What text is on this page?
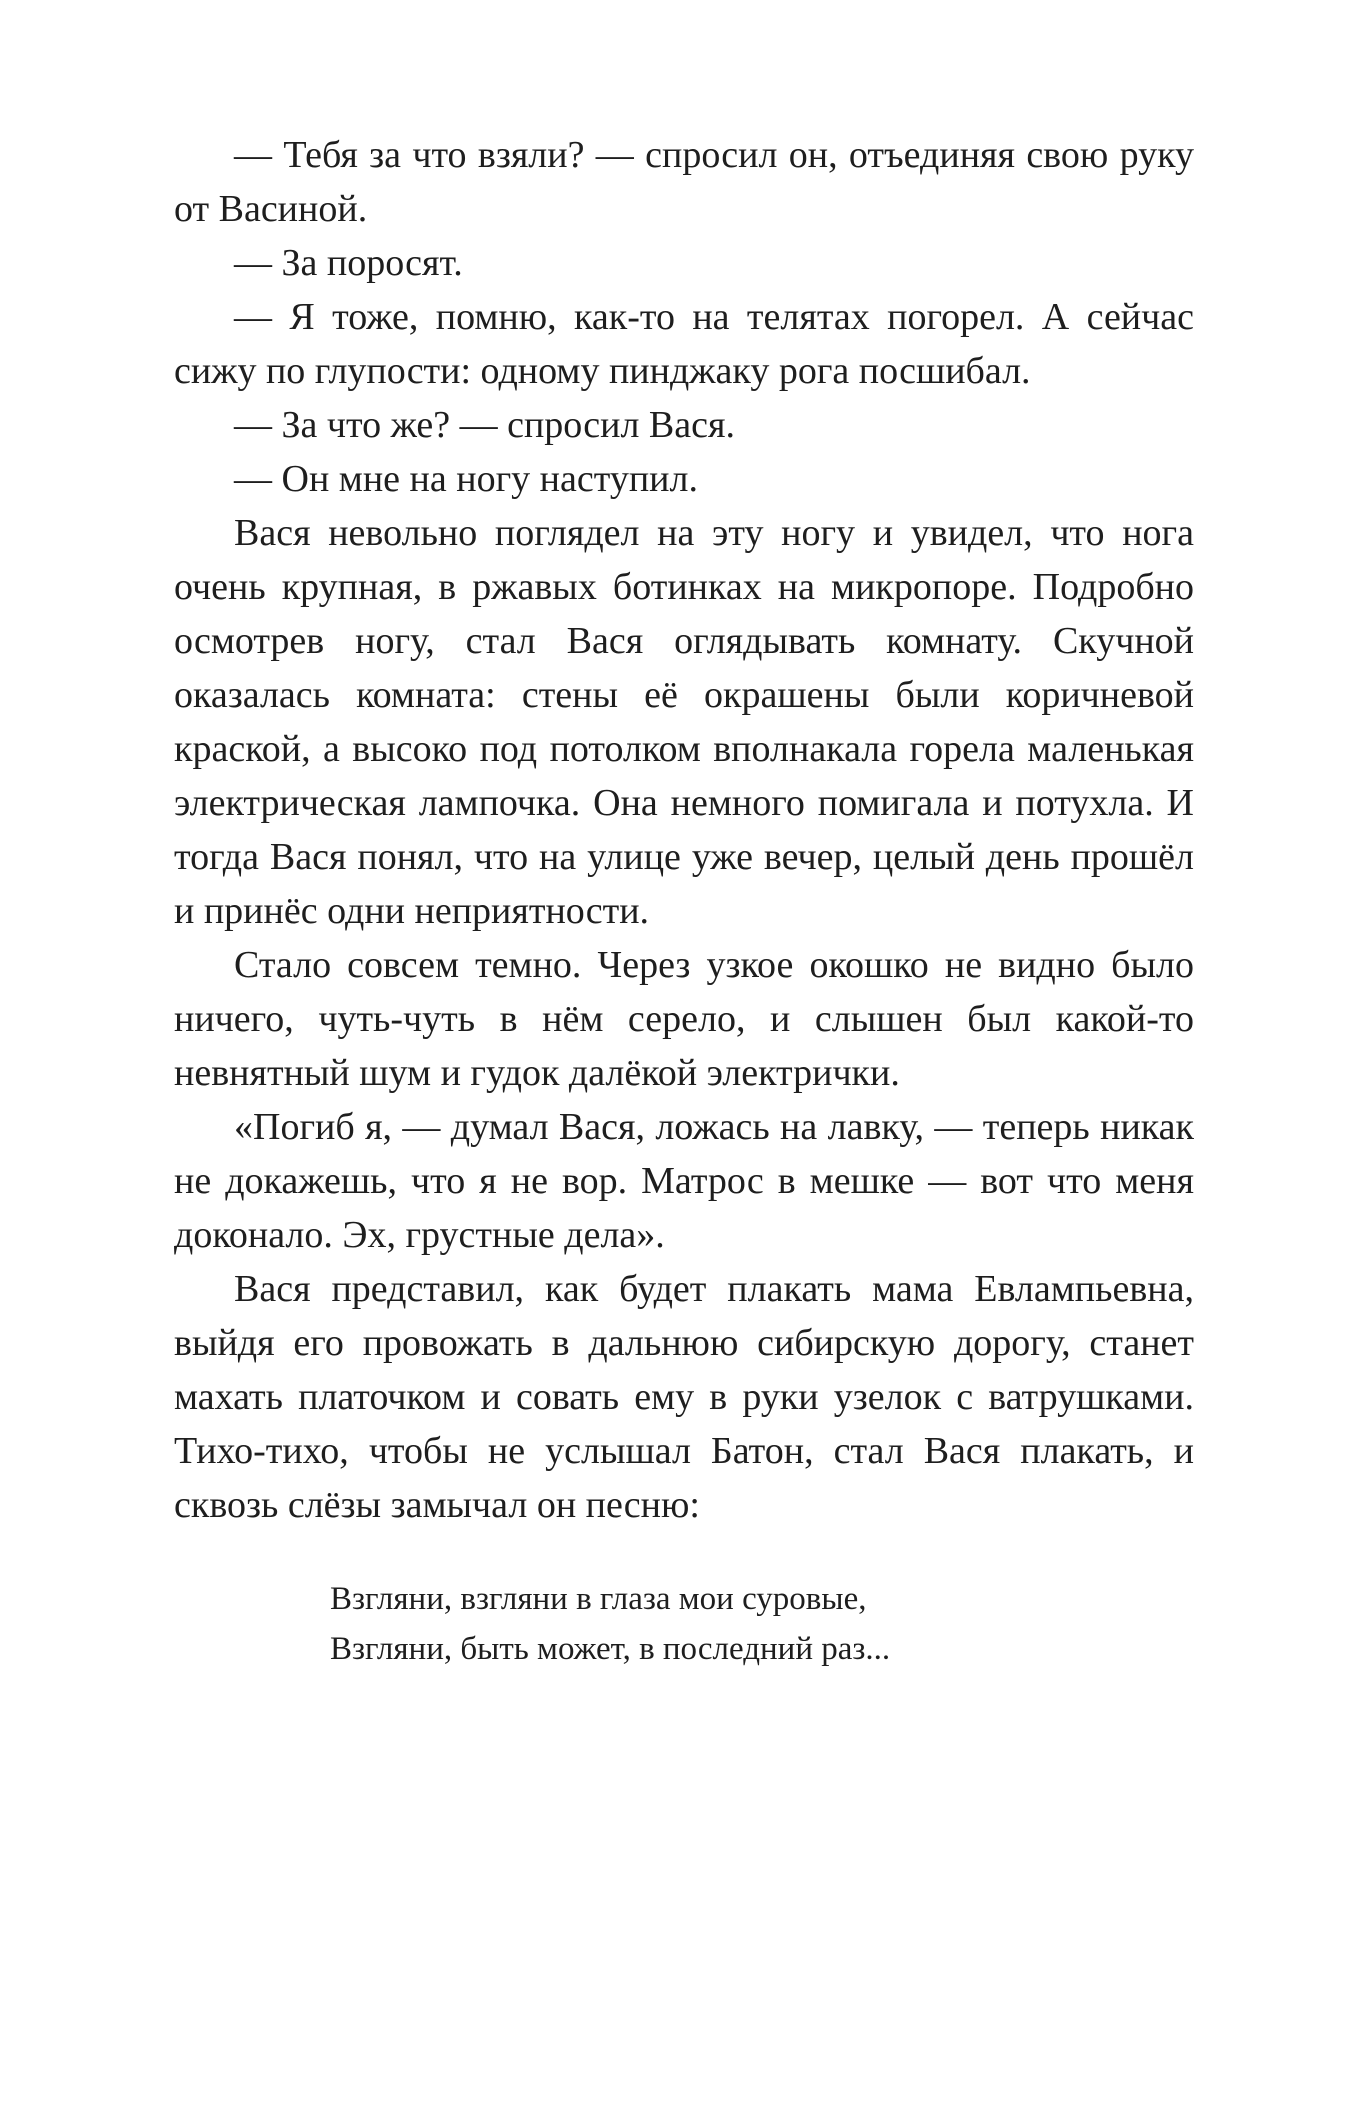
— Тебя за что взяли? — спросил он, отъединяя свою руку от Васиной.

— За поросят.

— Я тоже, помню, как-то на телятах погорел. А сейчас сижу по глупости: одному пинджаку рога посшибал.

— За что же? — спросил Вася.

— Он мне на ногу наступил.

Вася невольно поглядел на эту ногу и увидел, что нога очень крупная, в ржавых ботинках на микропоре. Подробно осмотрев ногу, стал Вася оглядывать комнату. Скучной оказалась комната: стены её окрашены были коричневой краской, а высоко под потолком вполнакала горела маленькая электрическая лампочка. Она немного помигала и потухла. И тогда Вася понял, что на улице уже вечер, целый день прошёл и принёс одни неприятности.

Стало совсем темно. Через узкое окошко не видно было ничего, чуть-чуть в нём серело, и слышен был какой-то невнятный шум и гудок далёкой электрички.

«Погиб я, — думал Вася, ложась на лавку, — теперь никак не докажешь, что я не вор. Матрос в мешке — вот что меня доконало. Эх, грустные дела».

Вася представил, как будет плакать мама Евлампьевна, выйдя его провожать в дальнюю сибирскую дорогу, станет махать платочком и совать ему в руки узелок с ватрушками. Тихо-тихо, чтобы не услышал Батон, стал Вася плакать, и сквозь слёзы замычал он песню:

Взгляни, взгляни в глаза мои суровые,
Взгляни, быть может, в последний раз...
